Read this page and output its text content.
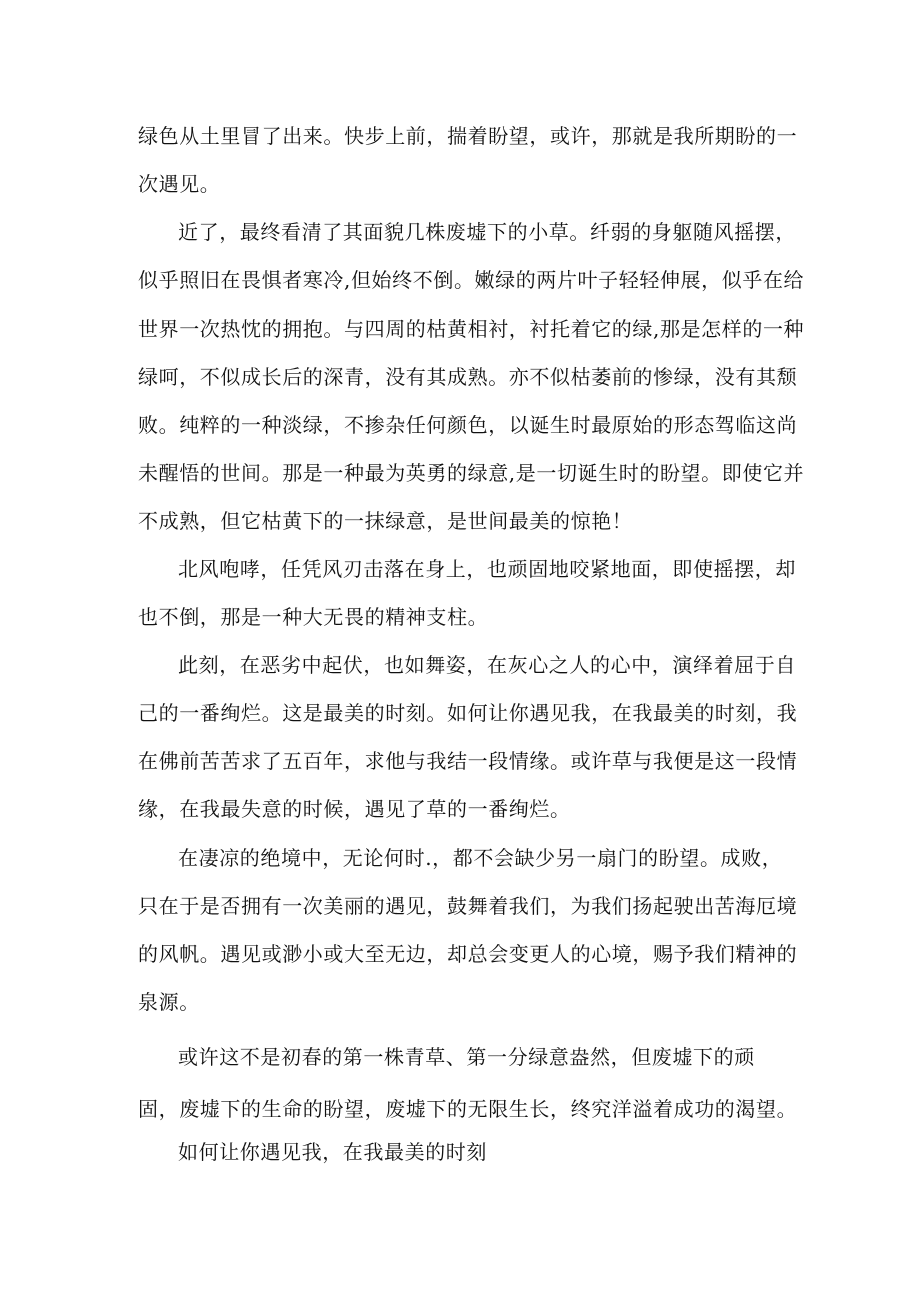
绿色从土里冒了出来。快步上前，揣着盼望，或许，那就是我所期盼的一
次遇见。
近了，最终看清了其面貌几株废墟下的小草。纤弱的身躯随风摇摆，
似乎照旧在畏惧者寒冷,但始终不倒。嫩绿的两片叶子轻轻伸展，似乎在给
世界一次热忱的拥抱。与四周的枯黄相衬，衬托着它的绿,那是怎样的一种
绿呵，不似成长后的深青，没有其成熟。亦不似枯萎前的惨绿，没有其颓
败。纯粹的一种淡绿，不掺杂任何颜色，以诞生时最原始的形态驾临这尚
未醒悟的世间。那是一种最为英勇的绿意,是一切诞生时的盼望。即使它并
不成熟，但它枯黄下的一抹绿意，是世间最美的惊艳！
北风咆哮，任凭风刃击落在身上，也顽固地咬紧地面，即使摇摆，却
也不倒，那是一种大无畏的精神支柱。
此刻，在恶劣中起伏，也如舞姿，在灰心之人的心中，演绎着屈于自
己的一番绚烂。这是最美的时刻。如何让你遇见我，在我最美的时刻，我
在佛前苦苦求了五百年，求他与我结一段情缘。或许草与我便是这一段情
缘，在我最失意的时候，遇见了草的一番绚烂。
在凄凉的绝境中，无论何时.，都不会缺少另一扇门的盼望。成败，
只在于是否拥有一次美丽的遇见，鼓舞着我们，为我们扬起驶出苦海厄境
的风帆。遇见或渺小或大至无边，却总会变更人的心境，赐予我们精神的
泉源。
或许这不是初春的第一株青草、第一分绿意盎然，但废墟下的顽
固，废墟下的生命的盼望，废墟下的无限生长，终究洋溢着成功的渴望。
如何让你遇见我，在我最美的时刻
